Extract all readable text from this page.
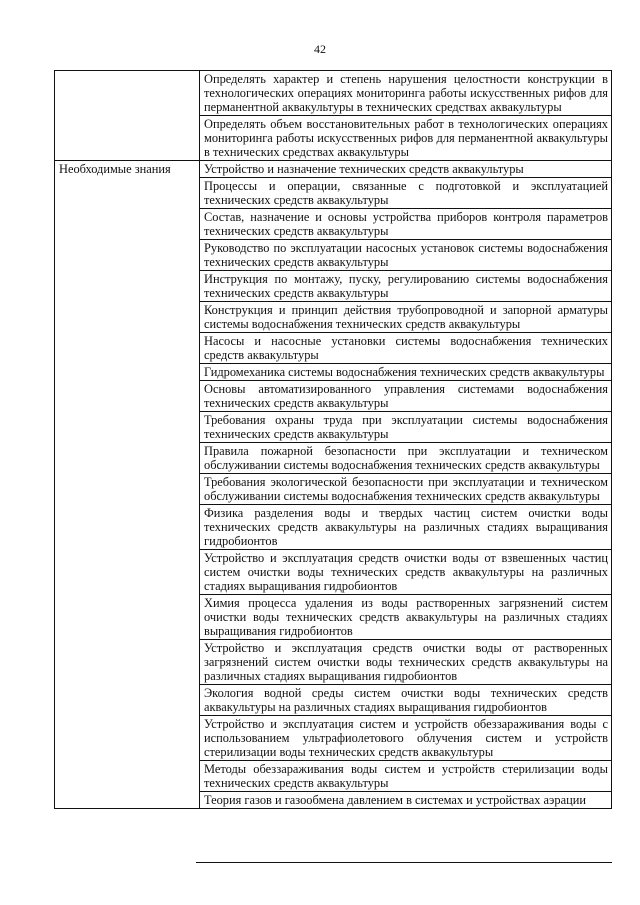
42
	Определять характер и степень нарушения целостности конструкции в технологических операциях мониторинга работы искусственных рифов для перманентной аквакультуры в технических средствах аквакультуры
	Определять объем восстановительных работ в технологических операциях мониторинга работы искусственных рифов для перманентной аквакультуры в технических средствах аквакультуры
Необходимые знания	Устройство и назначение технических средств аквакультуры
	Процессы и операции, связанные с подготовкой и эксплуатацией технических средств аквакультуры
	Состав, назначение и основы устройства приборов контроля параметров технических средств аквакультуры
	Руководство по эксплуатации насосных установок системы водоснабжения технических средств аквакультуры
	Инструкция по монтажу, пуску, регулированию системы водоснабжения технических средств аквакультуры
	Конструкция и принцип действия трубопроводной и запорной арматуры системы водоснабжения технических средств аквакультуры
	Насосы и насосные установки системы водоснабжения технических средств аквакультуры
	Гидромеханика системы водоснабжения технических средств аквакультуры
	Основы автоматизированного управления системами водоснабжения технических средств аквакультуры
	Требования охраны труда при эксплуатации системы водоснабжения технических средств аквакультуры
	Правила пожарной безопасности при эксплуатации и техническом обслуживании системы водоснабжения технических средств аквакультуры
	Требования экологической безопасности при эксплуатации и техническом обслуживании системы водоснабжения технических средств аквакультуры
	Физика разделения воды и твердых частиц систем очистки воды технических средств аквакультуры на различных стадиях выращивания гидробионтов
	Устройство и эксплуатация средств очистки воды от взвешенных частиц систем очистки воды технических средств аквакультуры на различных стадиях выращивания гидробионтов
	Химия процесса удаления из воды растворенных загрязнений систем очистки воды технических средств аквакультуры на различных стадиях выращивания гидробионтов
	Устройство и эксплуатация средств очистки воды от растворенных загрязнений систем очистки воды технических средств аквакультуры на различных стадиях выращивания гидробионтов
	Экология водной среды систем очистки воды технических средств аквакультуры на различных стадиях выращивания гидробионтов
	Устройство и эксплуатация систем и устройств обеззараживания воды с использованием ультрафиолетового облучения систем и устройств стерилизации воды технических средств аквакультуры
	Методы обеззараживания воды систем и устройств стерилизации воды технических средств аквакультуры
	Теория газов и газообмена давлением в системах и устройствах аэрации
